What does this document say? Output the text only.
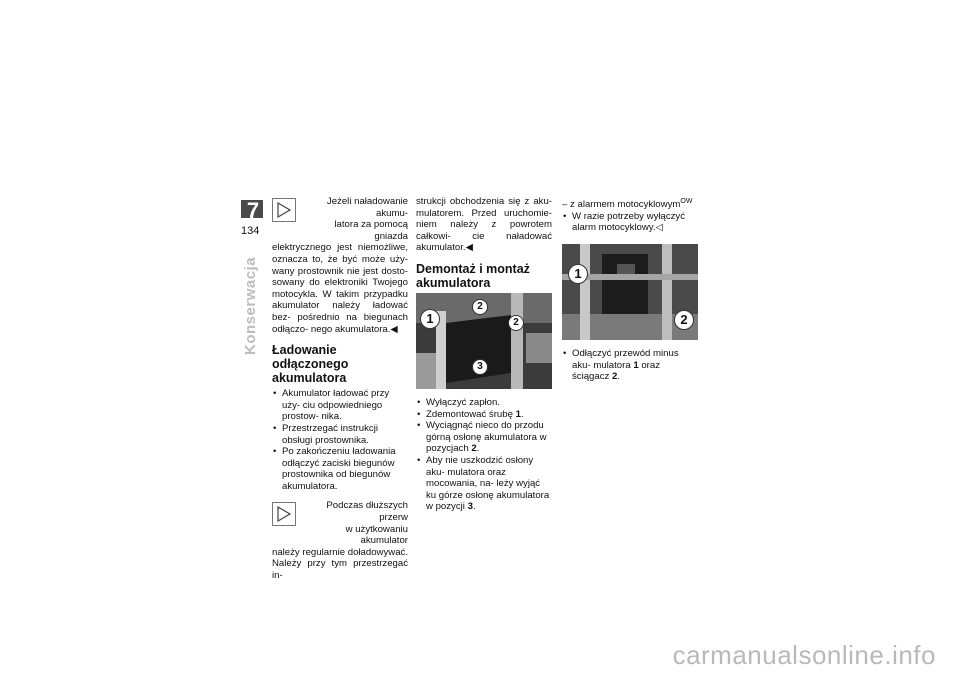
7
134
Konserwacja

Jeżeli naładowanie akumu-

latora za pomocą gniazda

elektrycznego jest niemożliwe, oznacza to, że być może uży- wany prostownik nie jest dosto- sowany do elektroniki Twojego motocykla. W takim przypadku akumulator należy ładować bez- pośrednio na biegunach odłączo- nego akumulatora.◀

Ładowanie odłączonego akumulatora
• Akumulator ładować przy uży- ciu odpowiedniego prostow- nika.
• Przestrzegać instrukcji obsługi prostownika.
• Po zakończeniu ładowania odłączyć zaciski biegunów prostownika od biegunów akumulatora.

Podczas dłuższych przerw

w użytkowaniu akumulator

należy regularnie doładowywać. Należy przy tym przestrzegać in-

strukcji obchodzenia się z aku- mulatorem. Przed uruchomie- niem należy z powrotem całkowi- cie naładować akumulator.◀

Demontaż i montaż akumulatora
1
2
2
3
• Wyłączyć zapłon.
• Zdemontować śrubę 1.
• Wyciągnąć nieco do przodu górną osłonę akumulatora w pozycjach 2.
• Aby nie uszkodzić osłony aku- mulatora oraz mocowania, na- leży wyjąć ku górze osłonę akumulatora w pozycji 3.

– z alarmem motocyklowym$^{OW}$

• W razie potrzeby wyłączyć alarm motocyklowy.◁
1
2
• Odłączyć przewód minus aku- mulatora 1 oraz ściągacz 2.
carmanualsonline.info
